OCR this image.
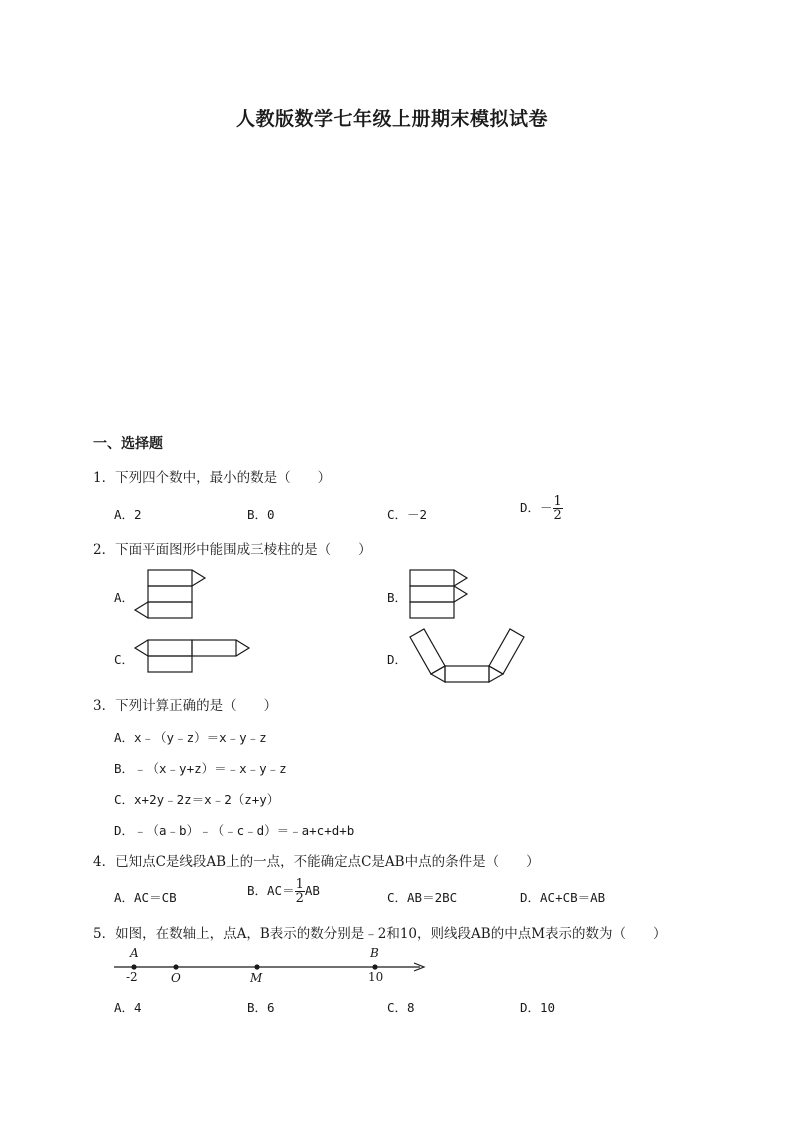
人教版数学七年级上册期末模拟试卷
一、选择题
1．下列四个数中，最小的数是（　　）
A．2	B．0	C．－2	D．－ $\frac{1}{2}$
2．下面平面图形中能围成三棱柱的是（　　）
A．	B．
C．	D．
3．下列计算正确的是（　　）
A．x﹣（y﹣z）＝x﹣y﹣z
B．﹣（x﹣y+z）＝﹣x﹣y﹣z
C．x+2y﹣2z＝x﹣2（z+y）
D．﹣（a﹣b）﹣（﹣c﹣d）＝﹣a+c+d+b
4．已知点C是线段AB上的一点，不能确定点C是AB中点的条件是（　　）
A．AC＝CB	B．$AC= \frac{1}{2}$ AB	C．AB＝2BC	D．AC+CB＝AB
5．如图，在数轴上，点A，B表示的数分别是﹣2和10，则线段AB的中点M表示的数为（　　）
A	B
-2	O	M	10
A．4	B．6	C．8	D．10
